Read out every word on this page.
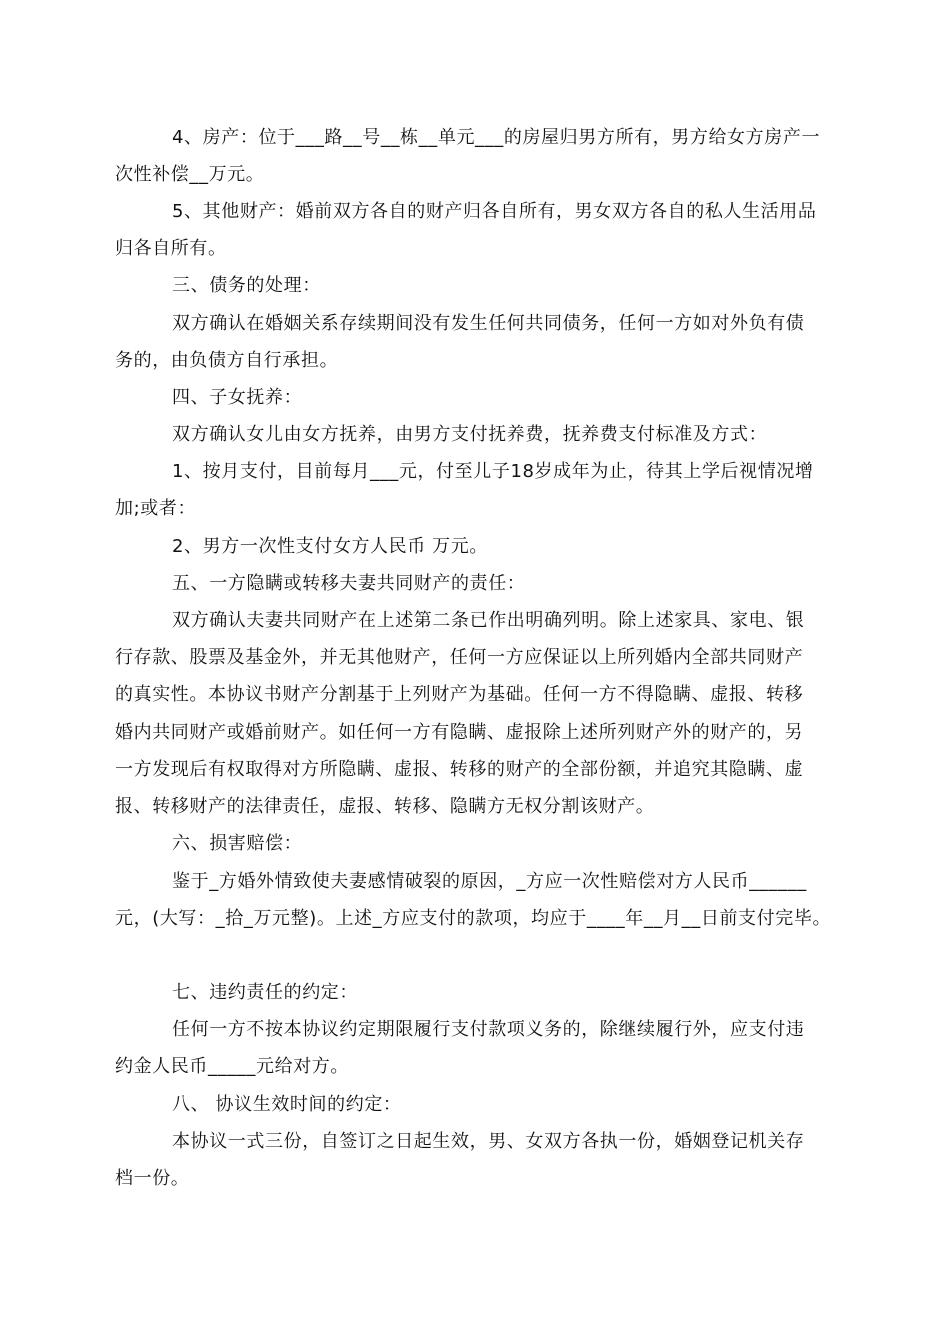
4、房产：位于___路__号__栋__单元___的房屋归男方所有，男方给女方房产一
次性补偿__万元。
5、其他财产：婚前双方各自的财产归各自所有，男女双方各自的私人生活用品
归各自所有。
三、债务的处理：
双方确认在婚姻关系存续期间没有发生任何共同债务，任何一方如对外负有债
务的，由负债方自行承担。
四、子女抚养：
双方确认女儿由女方抚养，由男方支付抚养费，抚养费支付标准及方式：
1、按月支付，目前每月___元，付至儿子18岁成年为止，待其上学后视情况增
加;或者：
2、男方一次性支付女方人民币 万元。
五、一方隐瞒或转移夫妻共同财产的责任：
双方确认夫妻共同财产在上述第二条已作出明确列明。除上述家具、家电、银
行存款、股票及基金外，并无其他财产，任何一方应保证以上所列婚内全部共同财产
的真实性。本协议书财产分割基于上列财产为基础。任何一方不得隐瞒、虚报、转移
婚内共同财产或婚前财产。如任何一方有隐瞒、虚报除上述所列财产外的财产的，另
一方发现后有权取得对方所隐瞒、虚报、转移的财产的全部份额，并追究其隐瞒、虚
报、转移财产的法律责任，虚报、转移、隐瞒方无权分割该财产。
六、损害赔偿：
鉴于_方婚外情致使夫妻感情破裂的原因，_方应一次性赔偿对方人民币______
元，(大写：_拾_万元整)。上述_方应支付的款项，均应于____年__月__日前支付完毕。
七、违约责任的约定：
任何一方不按本协议约定期限履行支付款项义务的，除继续履行外，应支付违
约金人民币_____元给对方。
八、 协议生效时间的约定：
本协议一式三份，自签订之日起生效，男、女双方各执一份，婚姻登记机关存
档一份。
